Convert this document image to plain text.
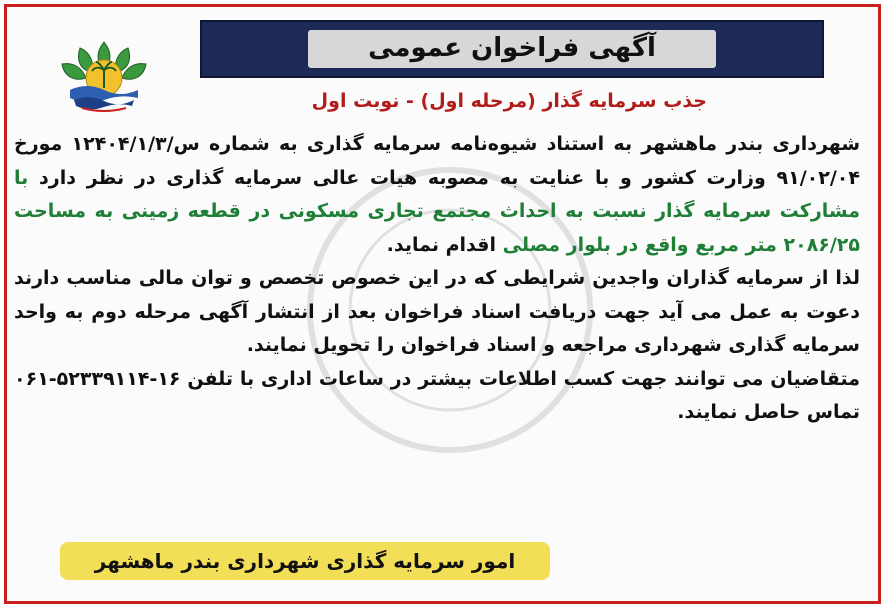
آگهی فراخوان عمومی
جذب سرمایه گذار (مرحله اول) - نوبت اول

شهرداری بندر ماهشهر به استناد شیوه‌نامه سرمایه گذاری به شماره ۱۲۴۰۴/۱/۳/س مورخ ۹۱/۰۲/۰۴ وزارت کشور و با عنایت به مصوبه هیات عالی سرمایه گذاری در نظر دارد با مشارکت سرمایه گذار نسبت به احداث مجتمع تجاری مسکونی در قطعه زمینی به مساحت ۲۰۸۶/۲۵ متر مربع واقع در بلوار مصلی اقدام نماید.

لذا از سرمایه گذاران واجدین شرایطی که در این خصوص تخصص و توان مالی مناسب دارند دعوت به عمل می آید جهت دریافت اسناد فراخوان بعد از انتشار آگهی مرحله دوم به واحد سرمایه گذاری شهرداری مراجعه و اسناد فراخوان را تحویل نمایند.

متقاضیان می توانند جهت کسب اطلاعات بیشتر در ساعات اداری با تلفن ۰۶۱-۵۲۳۳۹۱۱۴-۱۶ تماس حاصل نمایند.

امور سرمایه گذاری شهرداری بندر ماهشهر
